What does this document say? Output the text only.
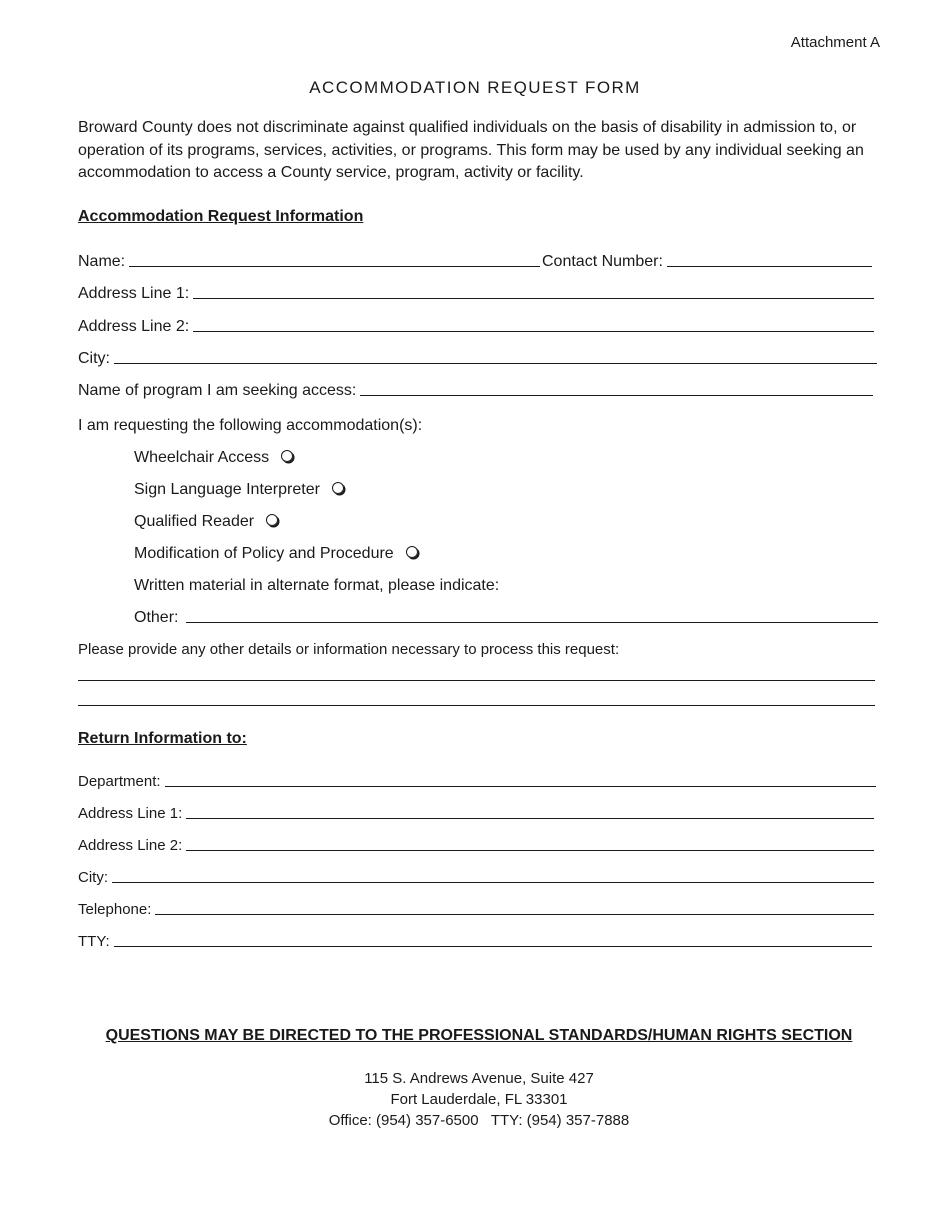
Attachment A
ACCOMMODATION REQUEST FORM
Broward County does not discriminate against qualified individuals on the basis of disability in admission to, or operation of its programs, services, activities, or programs. This form may be used by any individual seeking an accommodation to access a County service, program, activity or facility.
Accommodation Request Information
Name:	Contact Number:
Address Line 1:
Address Line 2:
City:
Name of program I am seeking access:
I am requesting the following accommodation(s):
Wheelchair Access
Sign Language Interpreter
Qualified Reader
Modification of Policy and Procedure
Written material in alternate format, please indicate:
Other:
Please provide any other details or information necessary to process this request:
Return Information to:
Department:
Address Line 1:
Address Line 2:
City:
Telephone:
TTY:
QUESTIONS MAY BE DIRECTED TO THE PROFESSIONAL STANDARDS/HUMAN RIGHTS SECTION
115 S. Andrews Avenue, Suite 427
Fort Lauderdale, FL 33301
Office: (954) 357-6500   TTY: (954) 357-7888
